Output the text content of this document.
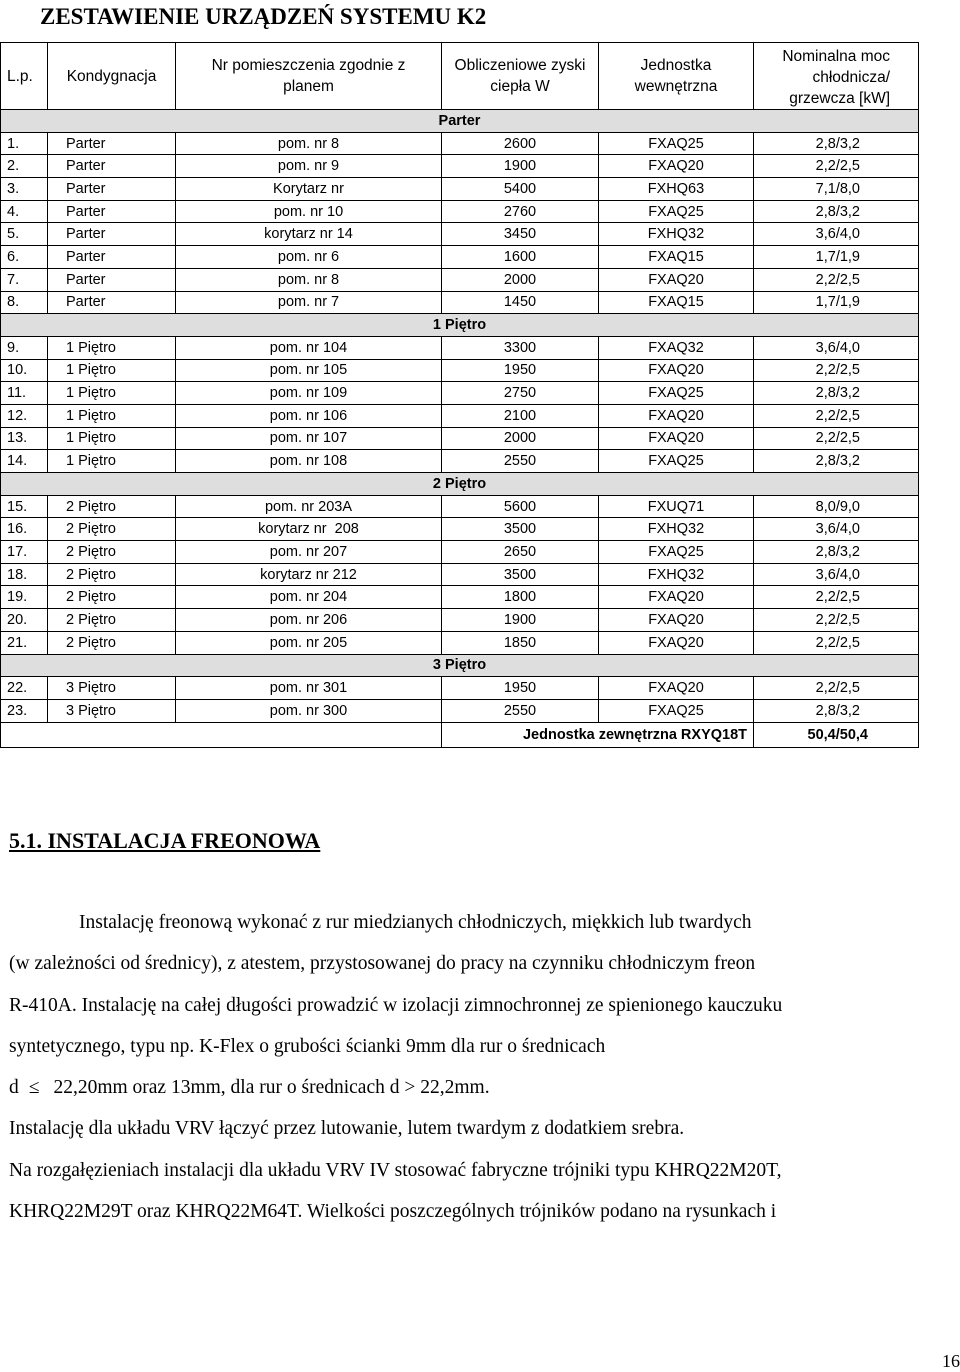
ZESTAWIENIE URZĄDZEŃ SYSTEMU K2
L.p.	Kondygnacja	Nr pomieszczenia zgodnie z planem	Obliczeniowe zyski ciepła W	Jednostka wewnętrzna	Nominalna moc chłodnicza/ grzewcza [kW]
Parter					
1.	Parter	pom. nr 8	2600	FXAQ25	2,8/3,2
2.	Parter	pom. nr 9	1900	FXAQ20	2,2/2,5
3.	Parter	Korytarz nr	5400	FXHQ63	7,1/8,0
4.	Parter	pom. nr 10	2760	FXAQ25	2,8/3,2
5.	Parter	korytarz nr 14	3450	FXHQ32	3,6/4,0
6.	Parter	pom. nr 6	1600	FXAQ15	1,7/1,9
7.	Parter	pom. nr 8	2000	FXAQ20	2,2/2,5
8.	Parter	pom. nr 7	1450	FXAQ15	1,7/1,9
1 Piętro					
9.	1 Piętro	pom. nr 104	3300	FXAQ32	3,6/4,0
10.	1 Piętro	pom. nr 105	1950	FXAQ20	2,2/2,5
11.	1 Piętro	pom. nr 109	2750	FXAQ25	2,8/3,2
12.	1 Piętro	pom. nr 106	2100	FXAQ20	2,2/2,5
13.	1 Piętro	pom. nr 107	2000	FXAQ20	2,2/2,5
14.	1 Piętro	pom. nr 108	2550	FXAQ25	2,8/3,2
2 Piętro					
15.	2 Piętro	pom. nr 203A	5600	FXUQ71	8,0/9,0
16.	2 Piętro	korytarz nr  208	3500	FXHQ32	3,6/4,0
17.	2 Piętro	pom. nr 207	2650	FXAQ25	2,8/3,2
18.	2 Piętro	korytarz nr 212	3500	FXHQ32	3,6/4,0
19.	2 Piętro	pom. nr 204	1800	FXAQ20	2,2/2,5
20.	2 Piętro	pom. nr 206	1900	FXAQ20	2,2/2,5
21.	2 Piętro	pom. nr 205	1850	FXAQ20	2,2/2,5
3 Piętro					
22.	3 Piętro	pom. nr 301	1950	FXAQ20	2,2/2,5
23.	3 Piętro	pom. nr 300	2550	FXAQ25	2,8/3,2
			Jednostka zewnętrzna RXYQ18T		50,4/50,4
5.1. INSTALACJA FREONOWA

Instalację freonową wykonać z rur miedzianych chłodniczych, miękkich lub twardych

(w zależności od średnicy), z atestem, przystosowanej do pracy na czynniku chłodniczym freon

R-410A. Instalację na całej długości prowadzić w izolacji zimnochronnej ze spienionego kauczuku

syntetycznego, typu np. K-Flex o grubości ścianki 9mm dla rur o średnicach

d ≤ 22,20mm oraz 13mm, dla rur o średnicach d > 22,2mm.

Instalację dla układu VRV łączyć przez lutowanie, lutem twardym z dodatkiem srebra.

Na rozgałęzieniach instalacji dla układu VRV IV stosować fabryczne trójniki typu KHRQ22M20T,

KHRQ22M29T oraz KHRQ22M64T. Wielkości poszczególnych trójników podano na rysunkach i

16
